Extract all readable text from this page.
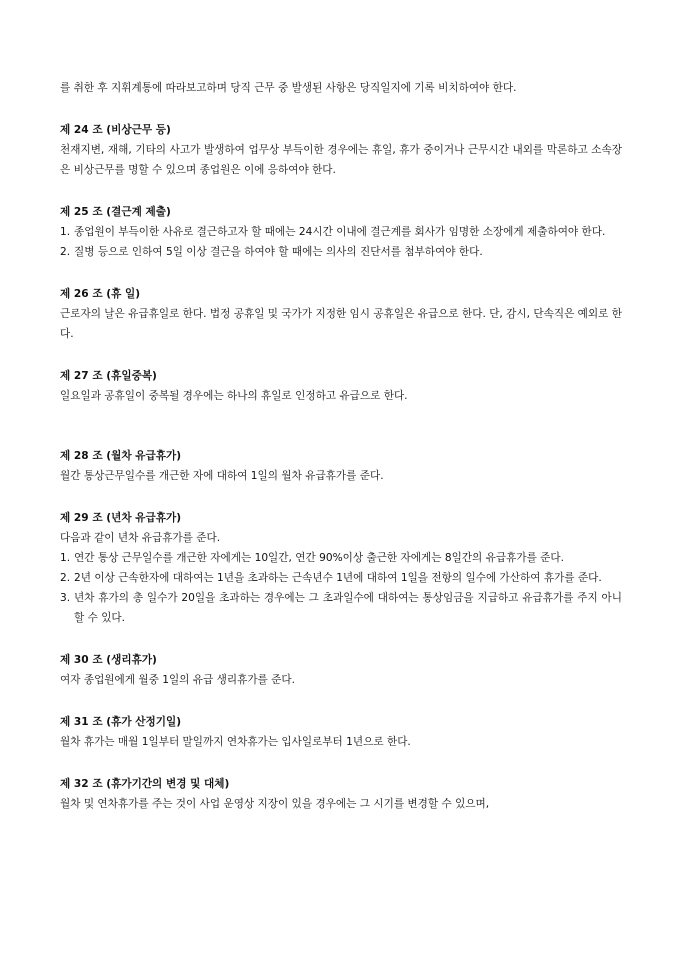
를 취한 후 지휘계통에 따라보고하며 당직 근무 중 발생된 사항은 당직일지에 기록 비치하여야 한다.

제 24 조 (비상근무 등)

천재지변, 재해, 기타의 사고가 발생하여 업무상 부득이한 경우에는 휴일, 휴가 중이거나 근무시간 내외를 막론하고 소속장은 비상근무를 명할 수 있으며 종업원은 이에 응하여야 한다.

제 25 조 (결근계 제출)

1. 종업원이 부득이한 사유로 결근하고자 할 때에는 24시간 이내에 결근계를 회사가 임명한 소장에게 제출하여야 한다.
2. 질병 등으로 인하여 5일 이상 결근을 하여야 할 때에는 의사의 진단서를 첨부하여야 한다.

제 26 조 (휴 일)

근로자의 날은 유급휴일로 한다. 법정 공휴일 및 국가가 지정한 임시 공휴일은 유급으로 한다. 단, 감시, 단속직은 예외로 한다.

제 27 조 (휴일중복)

일요일과 공휴일이 중복될 경우에는 하나의 휴일로 인정하고 유급으로 한다.

제 28 조 (월차 유급휴가)

월간 통상근무일수를 개근한 자에 대하여 1일의 월차 유급휴가를 준다.

제 29 조 (년차 유급휴가)

다음과 같이 년차 유급휴가를 준다.

1. 연간 통상 근무일수를 개근한 자에게는 10일간, 연간 90%이상 출근한 자에게는 8일간의 유급휴가를 준다.
2. 2년 이상 근속한자에 대하여는 1년을 초과하는 근속년수 1년에 대하여 1일을 전항의 일수에 가산하여 휴가를 준다.
3. 년차 휴가의 총 일수가 20일을 초과하는 경우에는 그 초과일수에 대하여는 통상임금을 지급하고 유급휴가를 주지 아니할 수 있다.

제 30 조 (생리휴가)

여자 종업원에게 월중 1일의 유급 생리휴가를 준다.

제 31 조 (휴가 산정기일)

월차 휴가는 매월 1일부터 말일까지 연차휴가는 입사일로부터 1년으로 한다.

제 32 조 (휴가기간의 변경 및 대체)

월차 및 연차휴가를 주는 것이 사업 운영상 지장이 있을 경우에는 그 시기를 변경할 수 있으며,
